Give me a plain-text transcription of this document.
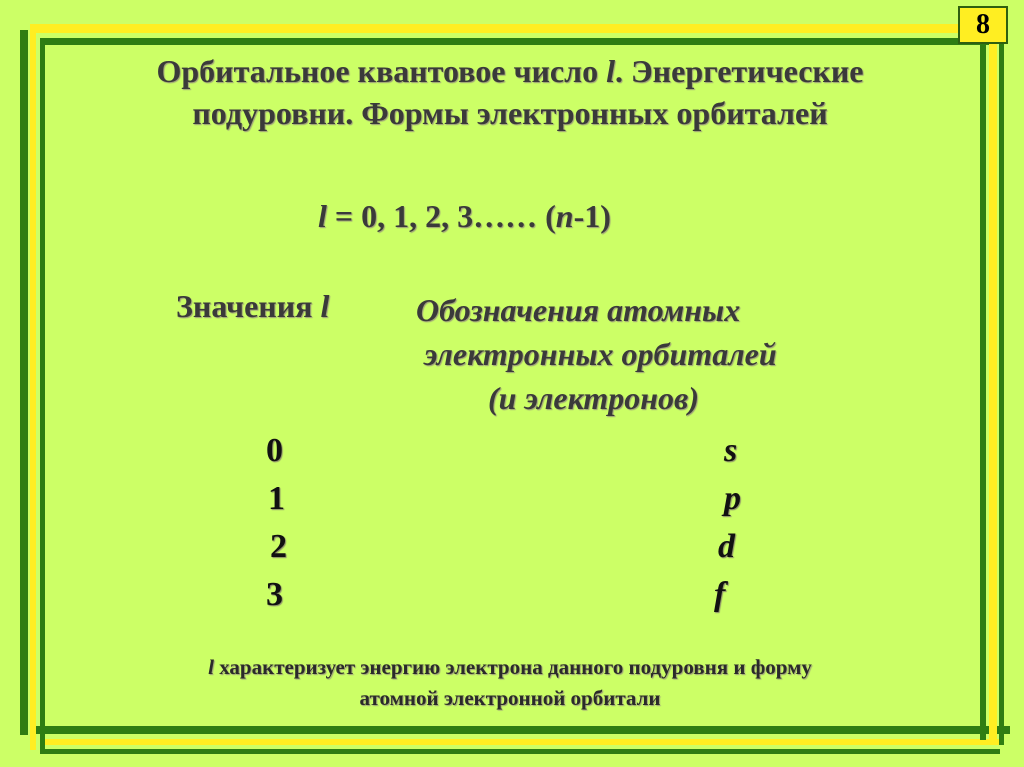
8
Орбитальное квантовое число l. Энергетические
подуровни. Формы электронных орбиталей
l = 0, 1, 2, 3…… (n-1)
Значения l	Обозначения атомных
электронных орбиталей
(и электронов)
0	s
1	p
2	d
3	f
l характеризует энергию электрона данного подуровня и форму
атомной электронной орбитали
